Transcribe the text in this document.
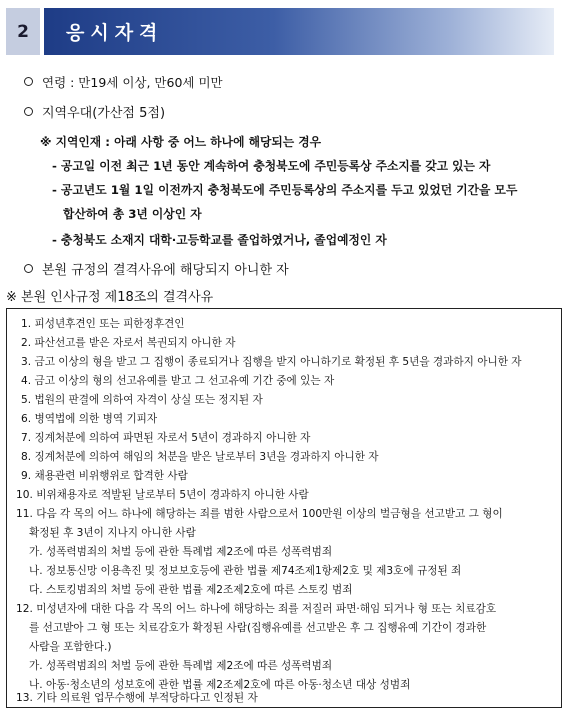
2	응시자격
연령 : 만19세 이상, 만60세 미만
지역우대(가산점 5점)
※ 지역인재 : 아래 사항 중 어느 하나에 해당되는 경우
- 공고일 이전 최근 1년 동안 계속하여 충청북도에 주민등록상 주소지를 갖고 있는 자
- 공고년도 1월 1일 이전까지 충청북도에 주민등록상의 주소지를 두고 있었던 기간을 모두
합산하여 총 3년 이상인 자
- 충청북도 소재지 대학·고등학교를 졸업하였거나, 졸업예정인 자
본원 규정의 결격사유에 해당되지 아니한 자
※ 본원 인사규정 제18조의 결격사유
1. 피성년후견인 또는 피한정후견인
2. 파산선고를 받은 자로서 복권되지 아니한 자
3. 금고 이상의 형을 받고 그 집행이 종료되거나 집행을 받지 아니하기로 확정된 후 5년을 경과하지 아니한 자
4. 금고 이상의 형의 선고유예를 받고 그 선고유예 기간 중에 있는 자
5. 법원의 판결에 의하여 자격이 상실 또는 정지된 자
6. 병역법에 의한 병역 기피자
7. 징계처분에 의하여 파면된 자로서 5년이 경과하지 아니한 자
8. 징계처분에 의하여 해임의 처분을 받은 날로부터 3년을 경과하지 아니한 자
9. 채용관련 비위행위로 합격한 사람
10. 비위채용자로 적발된 날로부터 5년이 경과하지 아니한 사람
11. 다음 각 목의 어느 하나에 해당하는 죄를 범한 사람으로서 100만원 이상의 벌금형을 선고받고 그 형이
확정된 후 3년이 지나지 아니한 사람
가. 성폭력범죄의 처벌 등에 관한 특례법 제2조에 따른 성폭력범죄
나. 정보통신망 이용촉진 및 정보보호등에 관한 법률 제74조제1항제2호 및 제3호에 규정된 죄
다. 스토킹범죄의 처벌 등에 관한 법률 제2조제2호에 따른 스토킹 범죄
12. 미성년자에 대한 다음 각 목의 어느 하나에 해당하는 죄를 저질러 파면·해임 되거나 형 또는 치료감호
를 선고받아 그 형 또는 치료감호가 확정된 사람(집행유예를 선고받은 후 그 집행유예 기간이 경과한
사람을 포함한다.)
가. 성폭력범죄의 처벌 등에 관한 특례법 제2조에 따른 성폭력범죄
나. 아동·청소년의 성보호에 관한 법률 제2조제2호에 따른 아동·청소년 대상 성범죄
13. 기타 의료원 업무수행에 부적당하다고 인정된 자
